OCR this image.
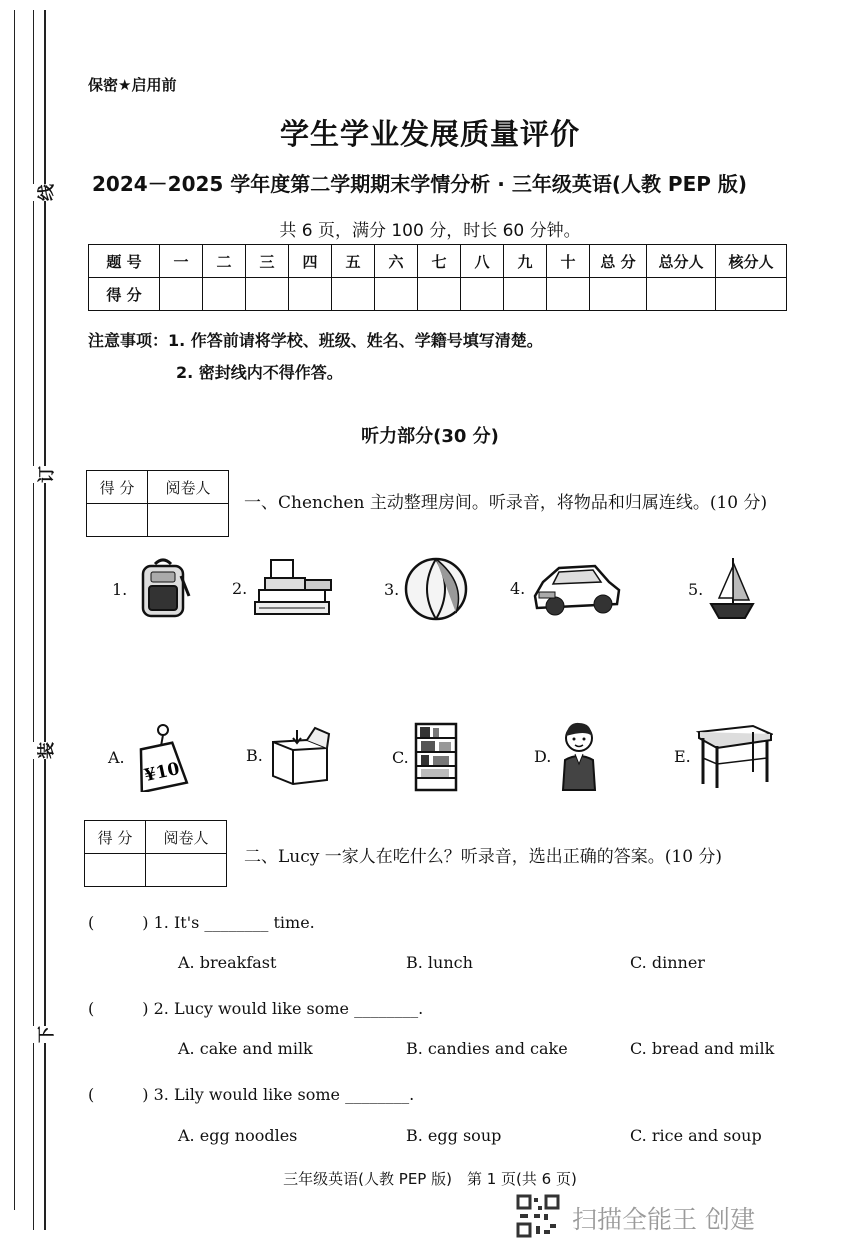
线
订
装
下
保密★启用前
学生学业发展质量评价
2024－2025 学年度第二学期期末学情分析 · 三年级英语(人教 PEP 版)
共 6 页，满分 100 分，时长 60 分钟。
题 号	一	二	三	四	五	六	七	八	九	十	总 分	总分人	核分人
得 分													
注意事项：1. 作答前请将学校、班级、姓名、学籍号填写清楚。
2. 密封线内不得作答。
听力部分(30 分)
得 分	阅卷人

一、Chenchen 主动整理房间。听录音，将物品和归属连线。(10 分)
1.	2.	3.	4.	5.
A.
¥10
B.	C.	D.	E.
得 分	阅卷人

二、Lucy 一家人在吃什么？听录音，选出正确的答案。(10 分)
(　　　) 1. It's ________ time.
A. breakfast	B. lunch	C. dinner
(　　　) 2. Lucy would like some ________.
A. cake and milk	B. candies and cake	C. bread and milk
(　　　) 3. Lily would like some ________.
A. egg noodles	B. egg soup	C. rice and soup
三年级英语(人教 PEP 版)　第 1 页(共 6 页)
扫描全能王 创建
